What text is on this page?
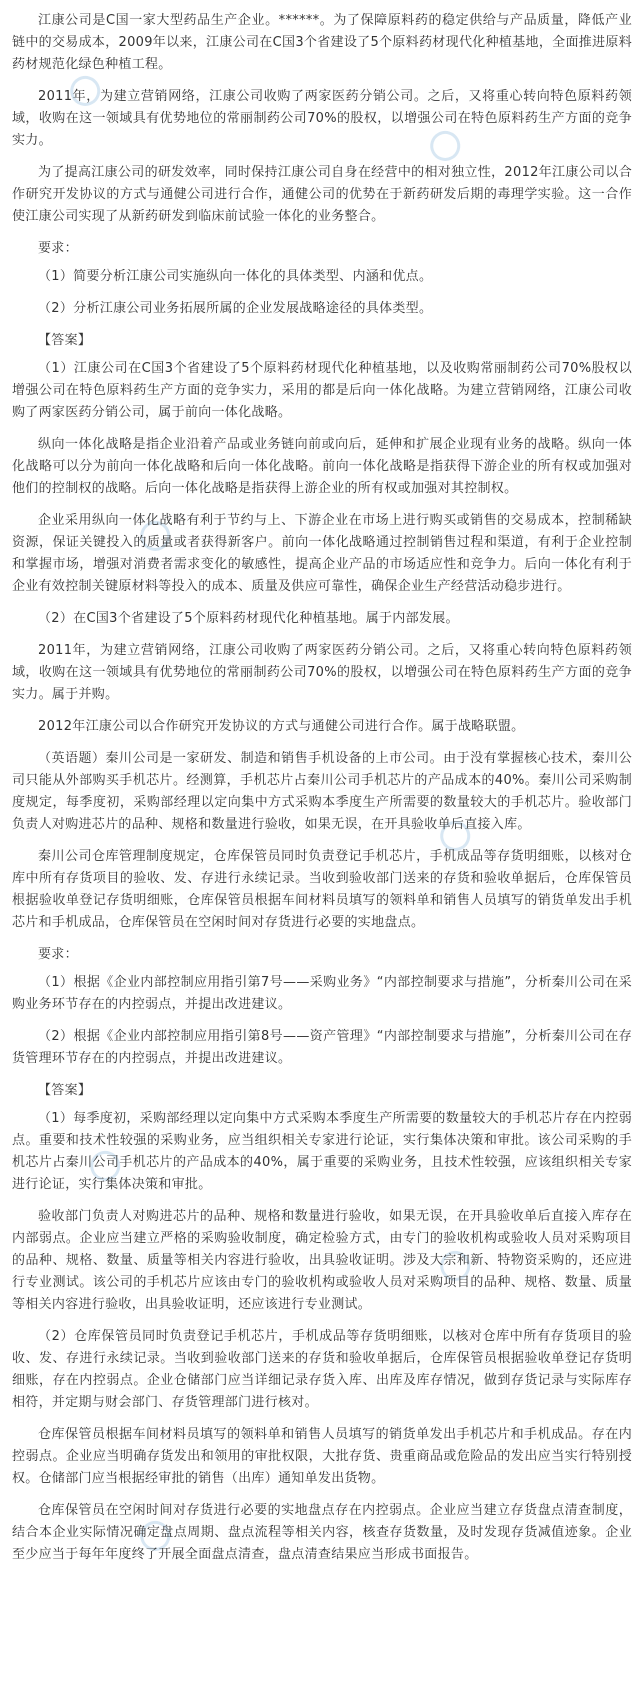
江康公司是C国一家大型药品生产企业。******。为了保障原料药的稳定供给与产品质量，降低产业链中的交易成本，2009年以来，江康公司在C国3个省建设了5个原料药材现代化种植基地，全面推进原料药材规范化绿色种植工程。

2011年，为建立营销网络，江康公司收购了两家医药分销公司。之后，又将重心转向特色原料药领域，收购在这一领域具有优势地位的常丽制药公司70%的股权，以增强公司在特色原料药生产方面的竞争实力。

为了提高江康公司的研发效率，同时保持江康公司自身在经营中的相对独立性，2012年江康公司以合作研究开发协议的方式与通健公司进行合作，通健公司的优势在于新药研发后期的毒理学实验。这一合作使江康公司实现了从新药研发到临床前试验一体化的业务整合。

要求：

（1）简要分析江康公司实施纵向一体化的具体类型、内涵和优点。

（2）分析江康公司业务拓展所属的企业发展战略途径的具体类型。

【答案】

（1）江康公司在C国3个省建设了5个原料药材现代化种植基地，以及收购常丽制药公司70%股权以增强公司在特色原料药生产方面的竞争实力，采用的都是后向一体化战略。为建立营销网络，江康公司收购了两家医药分销公司，属于前向一体化战略。

纵向一体化战略是指企业沿着产品或业务链向前或向后，延伸和扩展企业现有业务的战略。纵向一体化战略可以分为前向一体化战略和后向一体化战略。前向一体化战略是指获得下游企业的所有权或加强对他们的控制权的战略。后向一体化战略是指获得上游企业的所有权或加强对其控制权。

企业采用纵向一体化战略有利于节约与上、下游企业在市场上进行购买或销售的交易成本，控制稀缺资源，保证关键投入的质量或者获得新客户。前向一体化战略通过控制销售过程和渠道，有利于企业控制和掌握市场，增强对消费者需求变化的敏感性，提高企业产品的市场适应性和竞争力。后向一体化有利于企业有效控制关键原材料等投入的成本、质量及供应可靠性，确保企业生产经营活动稳步进行。

（2）在C国3个省建设了5个原料药材现代化种植基地。属于内部发展。

2011年，为建立营销网络，江康公司收购了两家医药分销公司。之后，又将重心转向特色原料药领域，收购在这一领域具有优势地位的常丽制药公司70%的股权，以增强公司在特色原料药生产方面的竞争实力。属于并购。

2012年江康公司以合作研究开发协议的方式与通健公司进行合作。属于战略联盟。

（英语题）秦川公司是一家研发、制造和销售手机设备的上市公司。由于没有掌握核心技术，秦川公司只能从外部购买手机芯片。经测算，手机芯片占秦川公司手机芯片的产品成本的40%。秦川公司采购制度规定，每季度初，采购部经理以定向集中方式采购本季度生产所需要的数量较大的手机芯片。验收部门负责人对购进芯片的品种、规格和数量进行验收，如果无误，在开具验收单后直接入库。

秦川公司仓库管理制度规定，仓库保管员同时负责登记手机芯片，手机成品等存货明细账，以核对仓库中所有存货项目的验收、发、存进行永续记录。当收到验收部门送来的存货和验收单据后，仓库保管员根据验收单登记存货明细账，仓库保管员根据车间材料员填写的领料单和销售人员填写的销货单发出手机芯片和手机成品，仓库保管员在空闲时间对存货进行必要的实地盘点。

要求：

（1）根据《企业内部控制应用指引第7号——采购业务》“内部控制要求与措施”，分析秦川公司在采购业务环节存在的内控弱点，并提出改进建议。

（2）根据《企业内部控制应用指引第8号——资产管理》“内部控制要求与措施”，分析秦川公司在存货管理环节存在的内控弱点，并提出改进建议。

【答案】

（1）每季度初，采购部经理以定向集中方式采购本季度生产所需要的数量较大的手机芯片存在内控弱点。重要和技术性较强的采购业务，应当组织相关专家进行论证，实行集体决策和审批。该公司采购的手机芯片占秦川公司手机芯片的产品成本的40%，属于重要的采购业务，且技术性较强，应该组织相关专家进行论证，实行集体决策和审批。

验收部门负责人对购进芯片的品种、规格和数量进行验收，如果无误，在开具验收单后直接入库存在内部弱点。企业应当建立严格的采购验收制度，确定检验方式，由专门的验收机构或验收人员对采购项目的品种、规格、数量、质量等相关内容进行验收，出具验收证明。涉及大宗和新、特物资采购的，还应进行专业测试。该公司的手机芯片应该由专门的验收机构或验收人员对采购项目的品种、规格、数量、质量等相关内容进行验收，出具验收证明，还应该进行专业测试。

（2）仓库保管员同时负责登记手机芯片，手机成品等存货明细账，以核对仓库中所有存货项目的验收、发、存进行永续记录。当收到验收部门送来的存货和验收单据后，仓库保管员根据验收单登记存货明细账，存在内控弱点。企业仓储部门应当详细记录存货入库、出库及库存情况，做到存货记录与实际库存相符，并定期与财会部门、存货管理部门进行核对。

仓库保管员根据车间材料员填写的领料单和销售人员填写的销货单发出手机芯片和手机成品。存在内控弱点。企业应当明确存货发出和领用的审批权限，大批存货、贵重商品或危险品的发出应当实行特别授权。仓储部门应当根据经审批的销售（出库）通知单发出货物。

仓库保管员在空闲时间对存货进行必要的实地盘点存在内控弱点。企业应当建立存货盘点清查制度，结合本企业实际情况确定盘点周期、盘点流程等相关内容，核查存货数量，及时发现存货减值迹象。企业至少应当于每年年度终了开展全面盘点清查，盘点清查结果应当形成书面报告。
